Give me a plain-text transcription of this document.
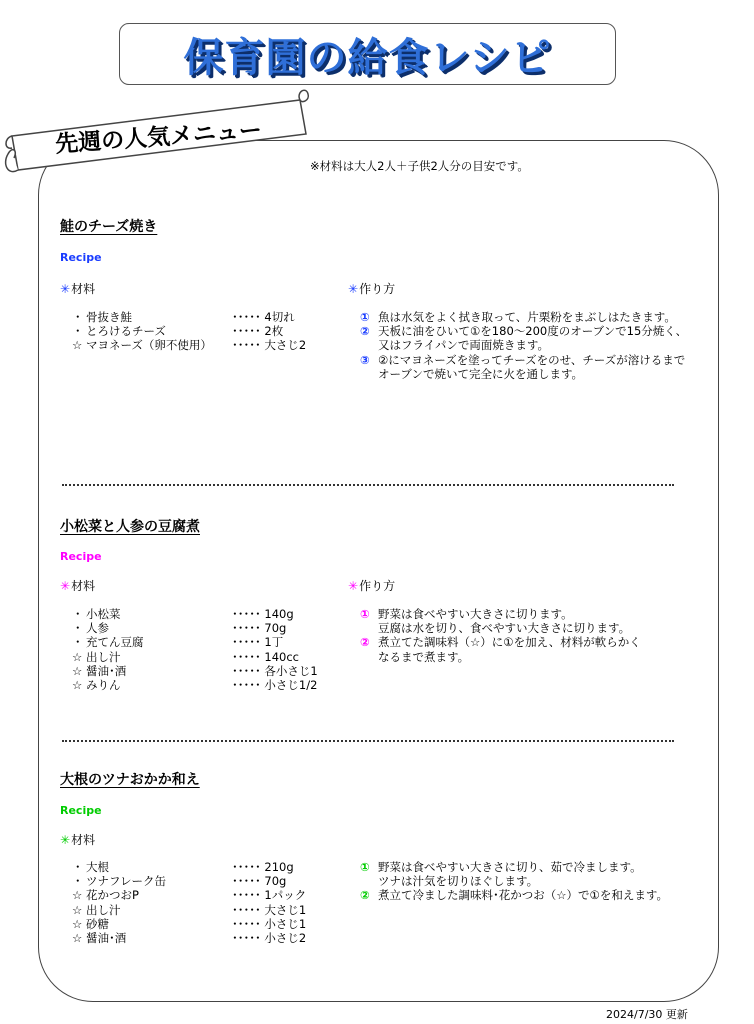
保育園の給食レシピ
先週の人気メニュー
※材料は大人2人＋子供2人分の目安です。
鮭のチーズ焼き
Recipe
✳材料	✳作り方
・ 骨抜き鮭	･････ 4切れ
・ とろけるチーズ	･････ 2枚
☆ マヨネーズ（卵不使用）	･････ 大さじ2
① 魚は水気をよく拭き取って、片栗粉をまぶしはたきます。
② 天板に油をひいて①を180～200度のオーブンで15分焼く、
又はフライパンで両面焼きます。
③ ②にマヨネーズを塗ってチーズをのせ、チーズが溶けるまで
オーブンで焼いて完全に火を通します。
小松菜と人参の豆腐煮
Recipe
✳材料	✳作り方
・ 小松菜	･････ 140g
・ 人参	･････ 70g
・ 充てん豆腐	･････ 1丁
☆ 出し汁	･････ 140cc
☆ 醤油･酒	･････ 各小さじ1
☆ みりん	･････ 小さじ1/2
① 野菜は食べやすい大きさに切ります。
豆腐は水を切り、食べやすい大きさに切ります。
② 煮立てた調味料（☆）に①を加え、材料が軟らかく
なるまで煮ます。
大根のツナおかか和え
Recipe
✳材料
・ 大根	･････ 210g
・ ツナフレーク缶	･････ 70g
☆ 花かつおP	･････ 1パック
☆ 出し汁	･････ 大さじ1
☆ 砂糖	･････ 小さじ1
☆ 醤油･酒	･････ 小さじ2
① 野菜は食べやすい大きさに切り、茹で冷まします。
ツナは汁気を切りほぐします。
② 煮立て冷ました調味料･花かつお（☆）で①を和えます。
2024/7/30 更新
